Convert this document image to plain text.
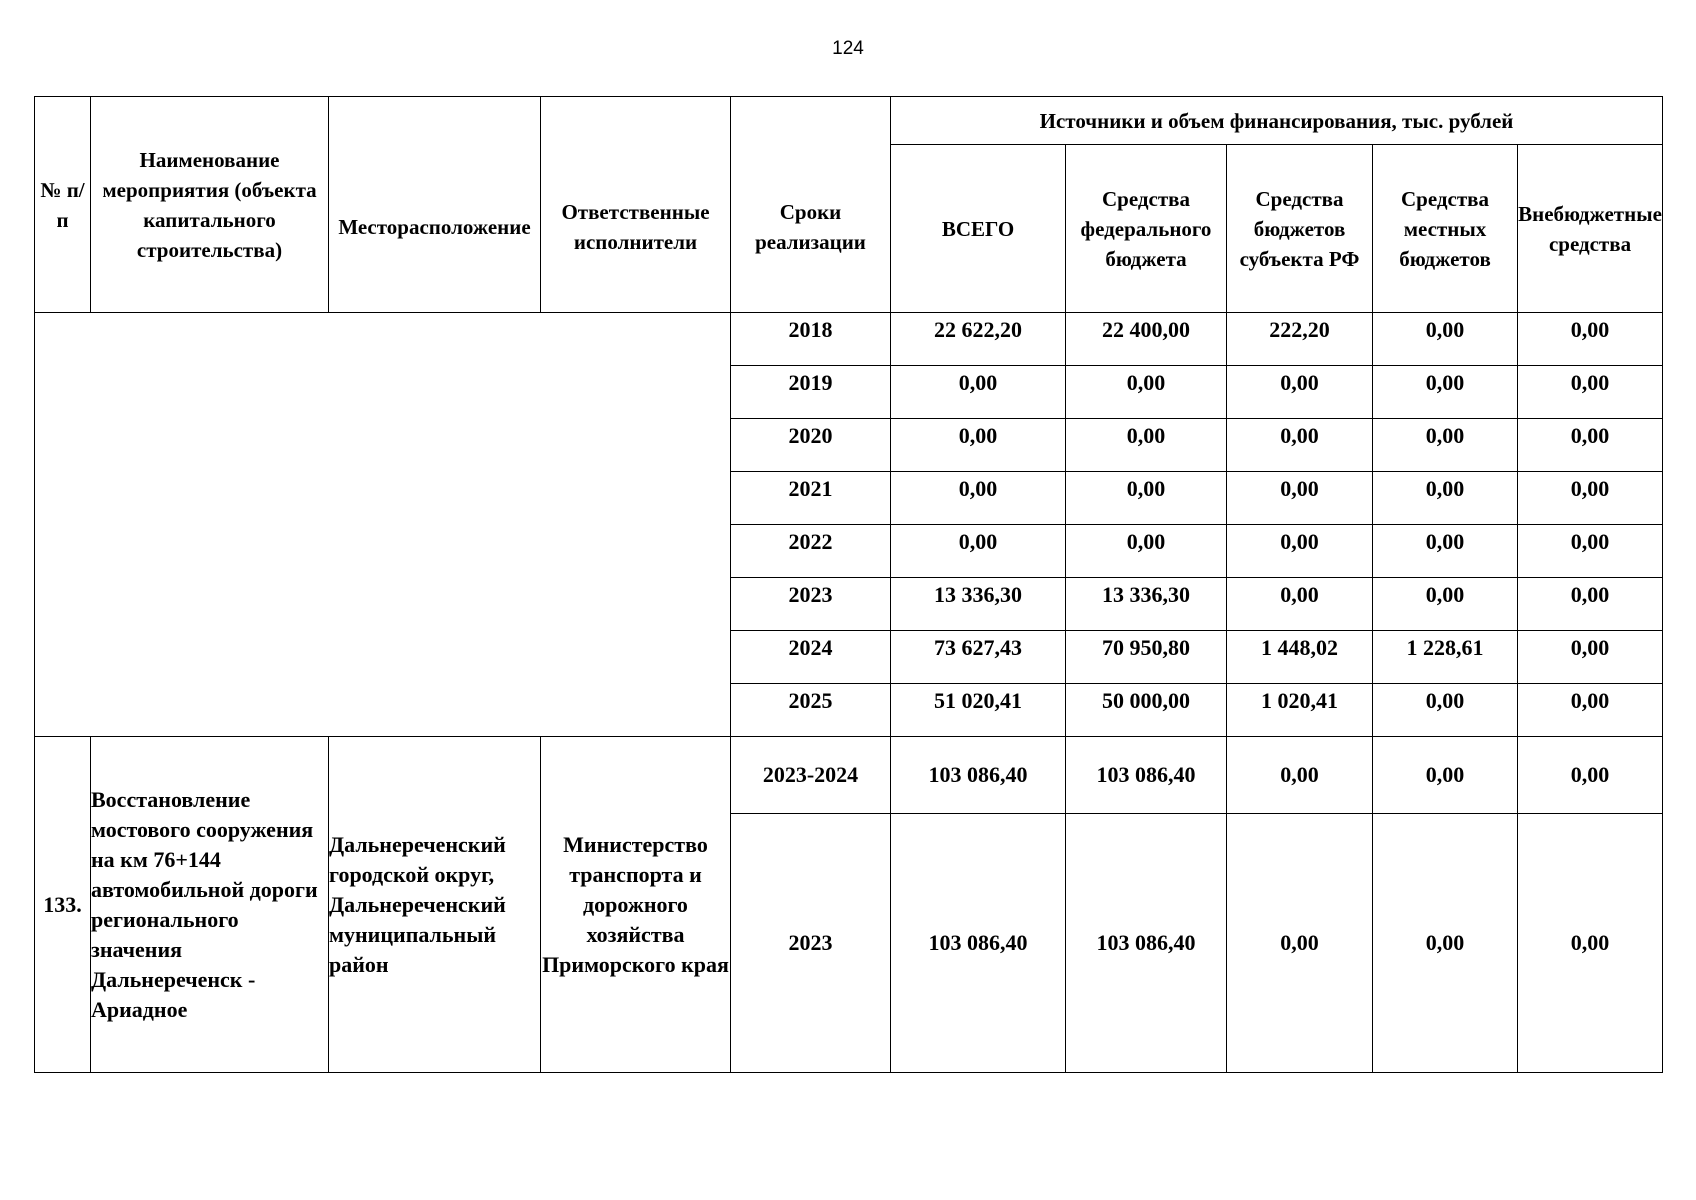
124
№ п/п	Наименование мероприятия (объекта капитального строительства)	Месторасположение	Ответственные исполнители	Сроки реализации	Источники и объем финансирования, тыс. рублей				
					ВСЕГО	Средства федерального бюджета	Средства бюджетов субъекта РФ	Средства местных бюджетов	Внебюджетные средства
				2018	22 622,20	22 400,00	222,20	0,00	0,00
				2019	0,00	0,00	0,00	0,00	0,00
				2020	0,00	0,00	0,00	0,00	0,00
				2021	0,00	0,00	0,00	0,00	0,00
				2022	0,00	0,00	0,00	0,00	0,00
				2023	13 336,30	13 336,30	0,00	0,00	0,00
				2024	73 627,43	70 950,80	1 448,02	1 228,61	0,00
				2025	51 020,41	50 000,00	1 020,41	0,00	0,00
133.	Восстановление мостового сооружения на км 76+144 автомобильной дороги регионального значения Дальнереченск - Ариадное	Дальнереченский городской округ, Дальнереченский муниципальный район	Министерство транспорта и дорожного хозяйства Приморского края	2023-2024	103 086,40	103 086,40	0,00	0,00	0,00
				2023	103 086,40	103 086,40	0,00	0,00	0,00
